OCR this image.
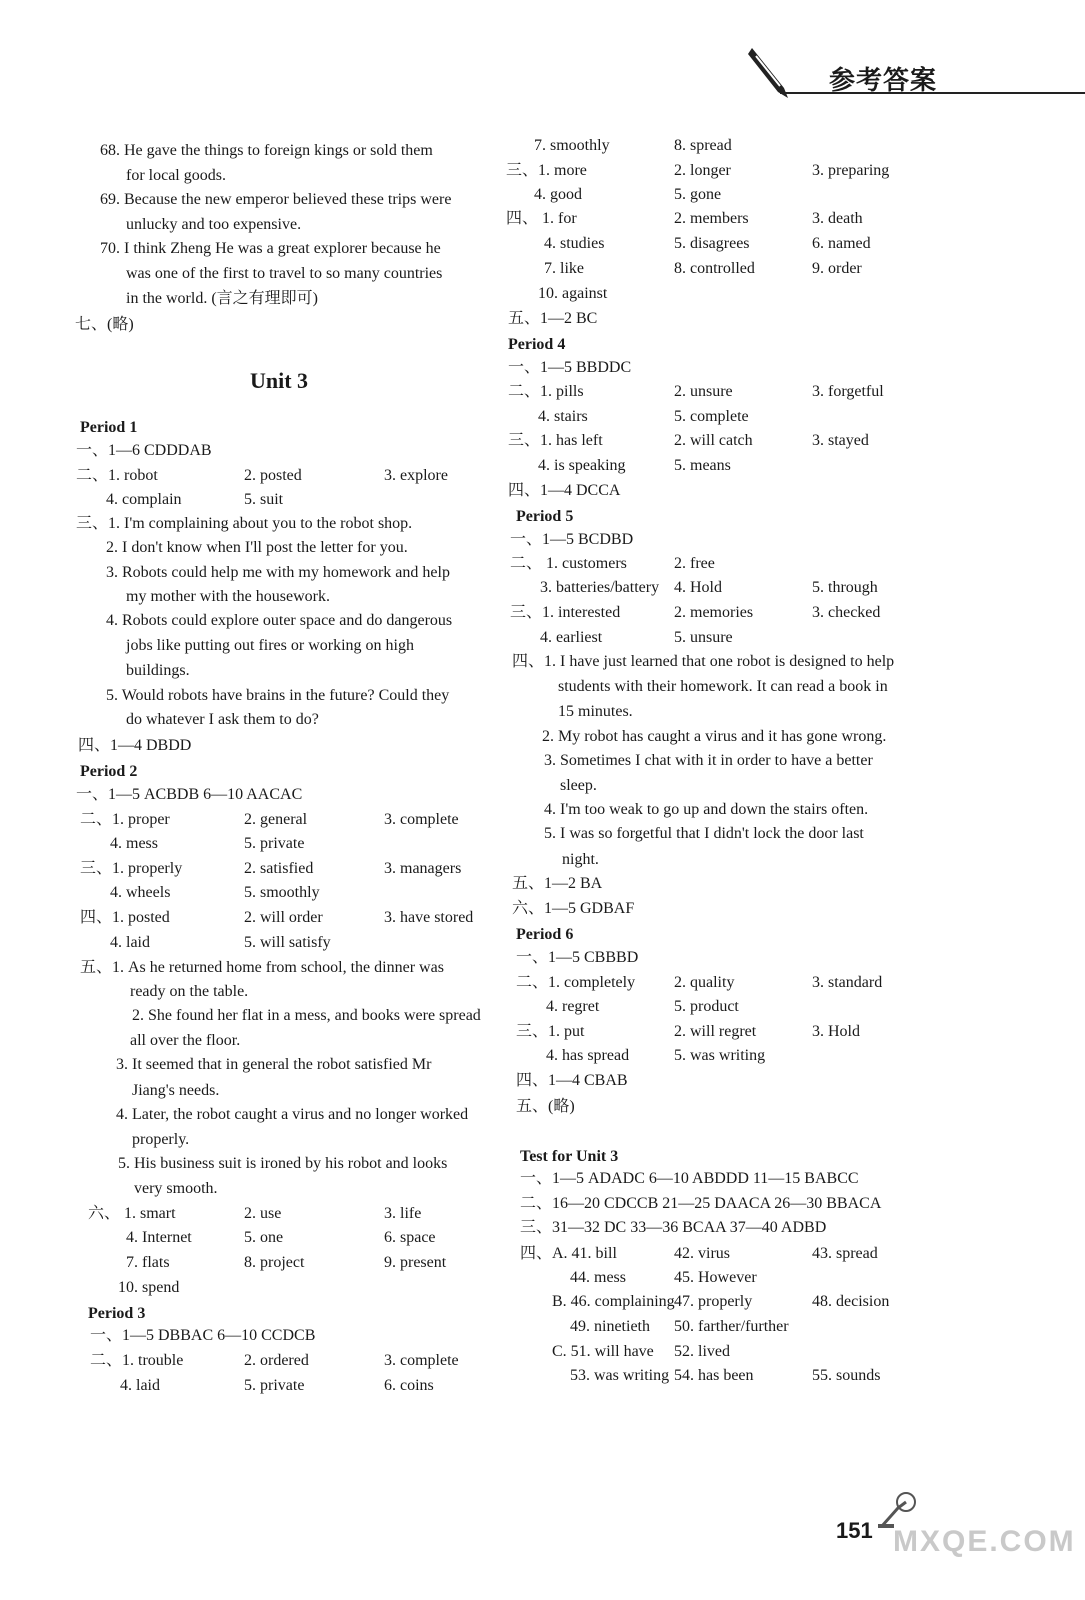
参考答案
Unit 3
68. He gave the things to foreign kings or sold them
for local goods.
69. Because the new emperor believed these trips were
unlucky and too expensive.
70. I think Zheng He was a great explorer because he
was one of the first to travel to so many countries
in the world. (言之有理即可)
七、(略)
Period 1
一、1—6 CDDDAB
二、1. robot	2. posted	3. explore
4. complain	5. suit
三、1. I'm complaining about you to the robot shop.
2. I don't know when I'll post the letter for you.
3. Robots could help me with my homework and help
my mother with the housework.
4. Robots could explore outer space and do dangerous
jobs like putting out fires or working on high
buildings.
5. Would robots have brains in the future? Could they
do whatever I ask them to do?
四、1—4 DBDD
Period 2
一、1—5 ACBDB 6—10 AACAC
二、1. proper	2. general	3. complete
4. mess	5. private
三、1. properly	2. satisfied	3. managers
4. wheels	5. smoothly
四、1. posted	2. will order	3. have stored
4. laid	5. will satisfy
五、1. As he returned home from school, the dinner was
ready on the table.
2. She found her flat in a mess, and books were spread
all over the floor.
3. It seemed that in general the robot satisfied Mr
Jiang's needs.
4. Later, the robot caught a virus and no longer worked
properly.
5. His business suit is ironed by his robot and looks
very smooth.
六、 1. smart	2. use	3. life
4. Internet	5. one	6. space
7. flats	8. project	9. present
10. spend
Period 3
一、1—5 DBBAC 6—10 CCDCB
二、1. trouble	2. ordered	3. complete
4. laid	5. private	6. coins
7. smoothly	8. spread
三、1. more	2. longer	3. preparing
4. good	5. gone
四、 1. for	2. members	3. death
4. studies	5. disagrees	6. named
7. like	8. controlled	9. order
10. against
五、1—2 BC
Period 4
一、1—5 BBDDC
二、1. pills	2. unsure	3. forgetful
4. stairs	5. complete
三、1. has left	2. will catch	3. stayed
4. is speaking	5. means
四、1—4 DCCA
Period 5
一、1—5 BCDBD
二、 1. customers	2. free
3. batteries/battery 4. Hold	5. through
三、1. interested	2. memories	3. checked
4. earliest	5. unsure
四、1. I have just learned that one robot is designed to help
students with their homework. It can read a book in
15 minutes.
2. My robot has caught a virus and it has gone wrong.
3. Sometimes I chat with it in order to have a better
sleep.
4. I'm too weak to go up and down the stairs often.
5. I was so forgetful that I didn't lock the door last
night.
五、1—2 BA
六、1—5 GDBAF
Period 6
一、1—5 CBBBD
二、1. completely 2. quality	3. standard
4. regret	5. product
三、1. put	2. will regret	3. Hold
4. has spread	5. was writing
四、1—4 CBAB
五、(略)
Test for Unit 3
一、1—5 ADADC 6—10 ABDDD 11—15 BABCC
二、16—20 CDCCB 21—25 DAACA 26—30 BBACA
三、31—32 DC 33—36 BCAA 37—40 ADBD
四、A. 41. bill	42. virus	43. spread
44. mess	45. However
B. 46. complaining 47. properly	48. decision
49. ninetieth 50. farther/further
C. 51. will have 52. lived
53. was writing 54. has been	55. sounds
151 MXQE.COM
